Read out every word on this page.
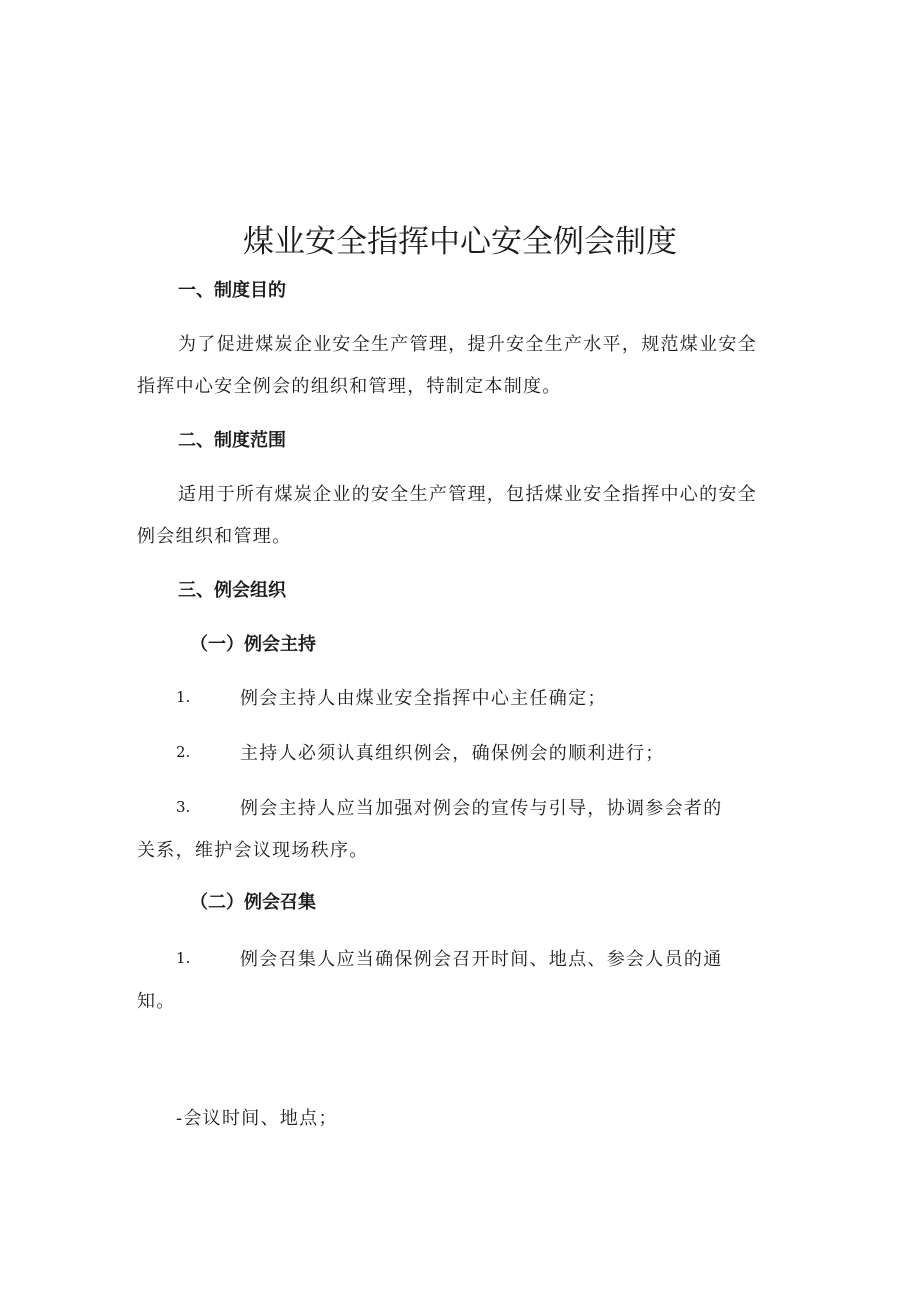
煤业安全指挥中心安全例会制度
一、制度目的
为了促进煤炭企业安全生产管理，提升安全生产水平，规范煤业安全
指挥中心安全例会的组织和管理，特制定本制度。
二、制度范围
适用于所有煤炭企业的安全生产管理，包括煤业安全指挥中心的安全
例会组织和管理。
三、例会组织
（一）例会主持
1.	例会主持人由煤业安全指挥中心主任确定；
2.	主持人必须认真组织例会，确保例会的顺利进行；
3.	例会主持人应当加强对例会的宣传与引导，协调参会者的
关系，维护会议现场秩序。
（二）例会召集
1.	例会召集人应当确保例会召开时间、地点、参会人员的通
知。
-会议时间、地点；
